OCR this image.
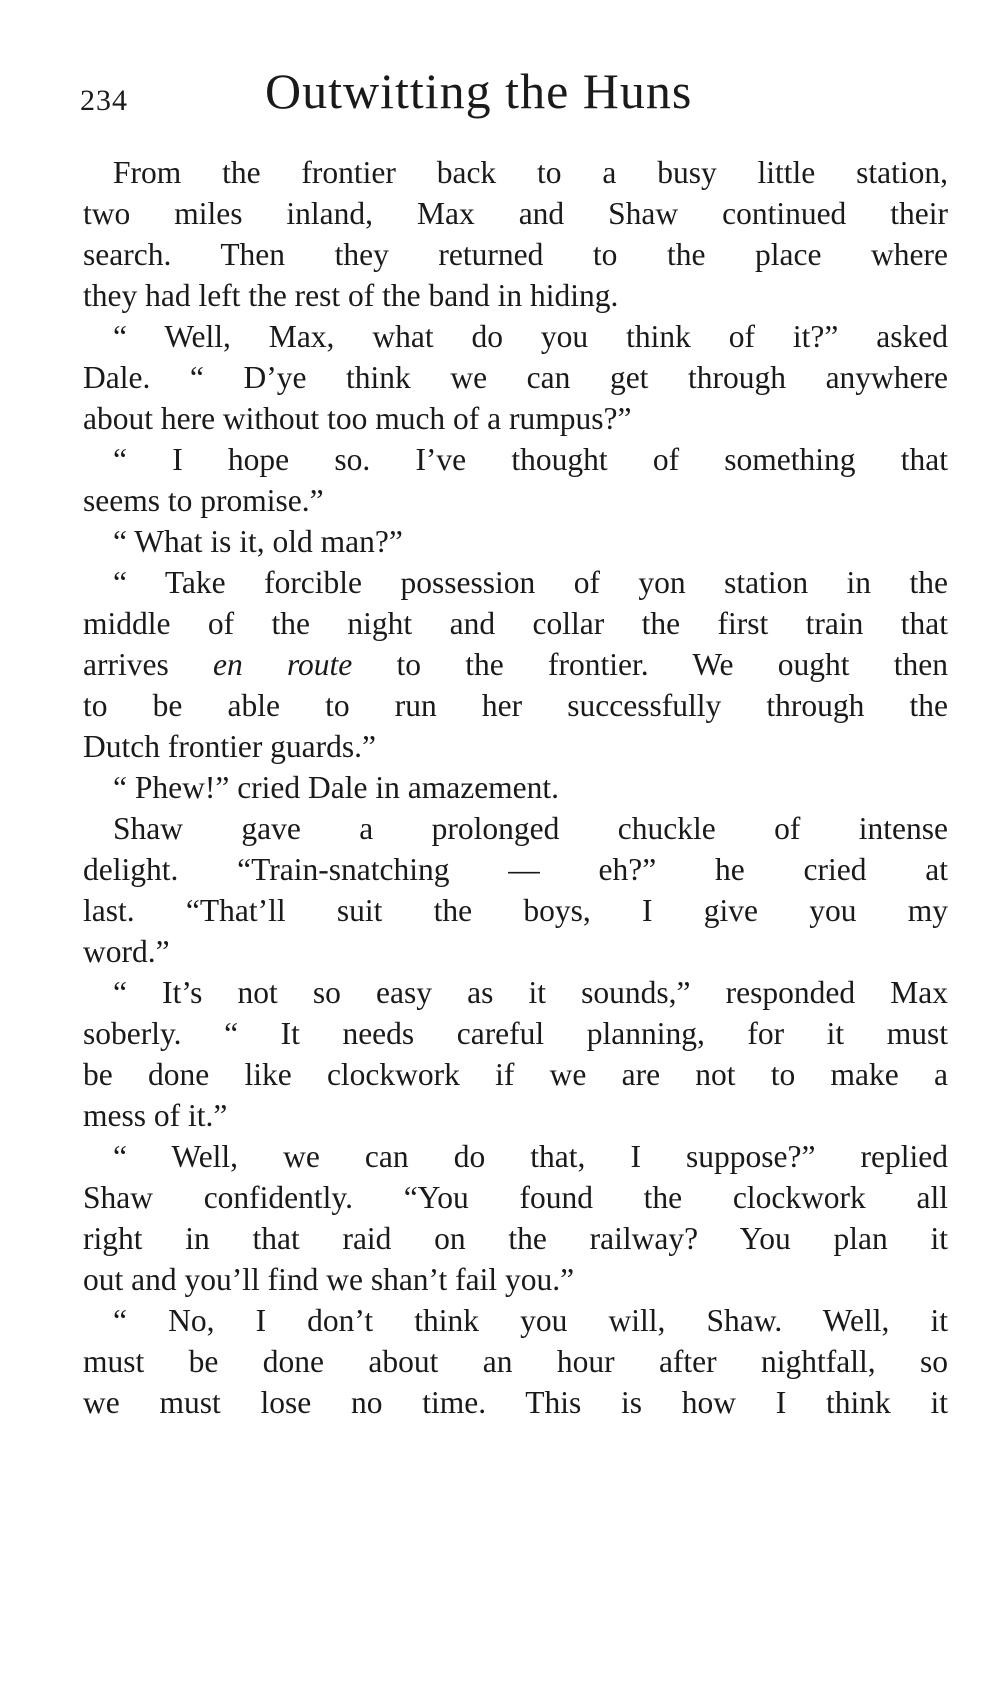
234	Outwitting the Huns
From the frontier back to a busy little station,
two miles inland, Max and Shaw continued their
search. Then they returned to the place where
they had left the rest of the band in hiding.
“ Well, Max, what do you think of it?” asked
Dale. “ D’ye think we can get through anywhere
about here without too much of a rumpus?”
“ I hope so. I’ve thought of something that
seems to promise.”
“ What is it, old man?”
“ Take forcible possession of yon station in the
middle of the night and collar the first train that
arrives en route to the frontier. We ought then
to be able to run her successfully through the
Dutch frontier guards.”
“ Phew!” cried Dale in amazement.
Shaw gave a prolonged chuckle of intense
delight. “Train-snatching — eh?” he cried at
last. “That’ll suit the boys, I give you my
word.”
“ It’s not so easy as it sounds,” responded Max
soberly. “ It needs careful planning, for it must
be done like clockwork if we are not to make a
mess of it.”
“ Well, we can do that, I suppose?” replied
Shaw confidently. “You found the clockwork all
right in that raid on the railway? You plan it
out and you’ll find we shan’t fail you.”
“ No, I don’t think you will, Shaw. Well, it
must be done about an hour after nightfall, so
we must lose no time. This is how I think it
